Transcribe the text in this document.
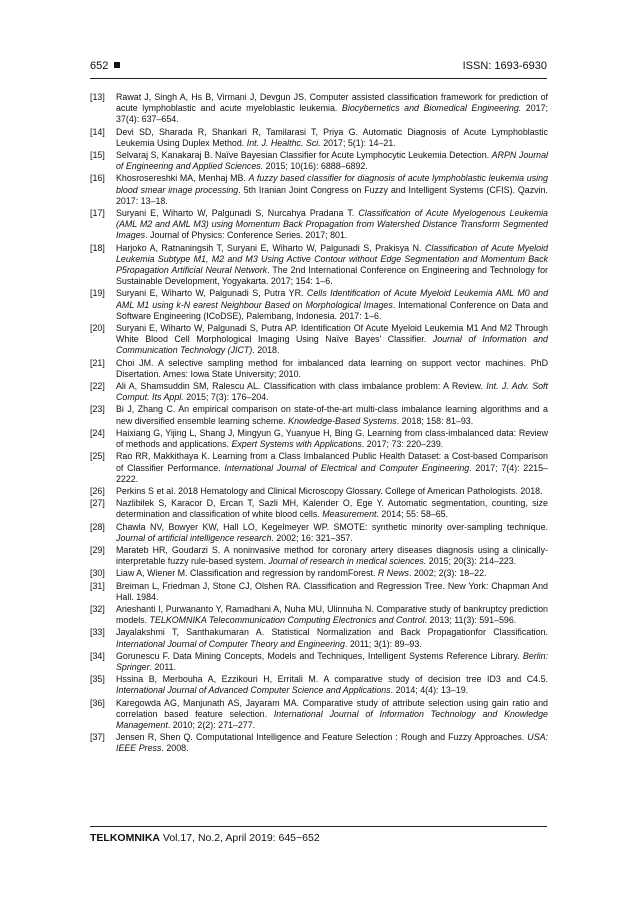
652	ISSN: 1693-6930
[13] Rawat J, Singh A, Hs B, Virmani J, Devgun JS. Computer assisted classification framework for prediction of acute lymphoblastic and acute myeloblastic leukemia. Biocybernetics and Biomedical Engineering. 2017; 37(4): 637–654.
[14] Devi SD, Sharada R, Shankari R, Tamilarasi T, Priya G. Automatic Diagnosis of Acute Lymphoblastic Leukemia Using Duplex Method. Int. J. Healthc. Sci. 2017; 5(1): 14–21.
[15] Selvaraj S, Kanakaraj B. Naïve Bayesian Classifier for Acute Lymphocytic Leukemia Detection. ARPN Journal of Engineering and Applied Sciences. 2015; 10(16): 6888–6892.
[16] Khosrosereshki MA, Menhaj MB. A fuzzy based classifier for diagnosis of acute lymphoblastic leukemia using blood smear image processing. 5th Iranian Joint Congress on Fuzzy and Intelligent Systems (CFIS). Qazvin. 2017: 13–18.
[17] Suryani E, Wiharto W, Palgunadi S, Nurcahya Pradana T. Classification of Acute Myelogenous Leukemia (AML M2 and AML M3) using Momentum Back Propagation from Watershed Distance Transform Segmented Images. Journal of Physics: Conference Series. 2017; 801.
[18] Harjoko A, Ratnaningsih T, Suryani E, Wiharto W, Palgunadi S, Prakisya N. Classification of Acute Myeloid Leukemia Subtype M1, M2 and M3 Using Active Contour without Edge Segmentation and Momentum Back P5ropagation Artificial Neural Network. The 2nd International Conference on Engineering and Technology for Sustainable Development, Yogyakarta. 2017; 154: 1–6.
[19] Suryani E, Wiharto W, Palgunadi S, Putra YR. Cells Identification of Acute Myeloid Leukemia AML M0 and AML M1 using k-N earest Neighbour Based on Morphological Images. International Conference on Data and Software Engineering (ICoDSE), Palembang, Indonesia. 2017: 1–6.
[20] Suryani E, Wiharto W, Palgunadi S, Putra AP. Identification Of Acute Myeloid Leukemia M1 And M2 Through White Blood Cell Morphological Imaging Using Naïve Bayes' Classifier. Journal of Information and Communication Technology (JICT). 2018.
[21] Choi JM. A selective sampling method for imbalanced data learning on support vector machines. PhD Disertation. Ames: Iowa State University; 2010.
[22] Ali A, Shamsuddin SM, Ralescu AL. Classification with class imbalance problem: A Review. Int. J. Adv. Soft Comput. Its Appl. 2015; 7(3): 176–204.
[23] Bi J, Zhang C. An empirical comparison on state-of-the-art multi-class imbalance learning algorithms and a new diversified ensemble learning scheme. Knowledge-Based Systems. 2018; 158: 81–93.
[24] Haixiang G, Yijing L, Shang J, Mingyun G, Yuanyue H, Bing G. Learning from class-imbalanced data: Review of methods and applications. Expert Systems with Applications. 2017; 73: 220–239.
[25] Rao RR, Makkithaya K. Learning from a Class Imbalanced Public Health Dataset: a Cost-based Comparison of Classifier Performance. International Journal of Electrical and Computer Engineering. 2017; 7(4): 2215–2222.
[26] Perkins S et al. 2018 Hematology and Clinical Microscopy Glossary. College of American Pathologists. 2018.
[27] Nazlibilek S, Karacor D, Ercan T, Sazli MH, Kalender O, Ege Y. Automatic segmentation, counting, size determination and classification of white blood cells. Measurement. 2014; 55: 58–65.
[28] Chawla NV, Bowyer KW, Hall LO, Kegelmeyer WP. SMOTE: synthetic minority over-sampling technique. Journal of artificial intelligence research. 2002; 16: 321–357.
[29] Marateb HR, Goudarzi S. A noninvasive method for coronary artery diseases diagnosis using a clinically-interpretable fuzzy rule-based system. Journal of research in medical sciences. 2015; 20(3): 214–223.
[30] Liaw A, Wiener M. Classification and regression by randomForest. R News. 2002; 2(3): 18–22.
[31] Breiman L, Friedman J, Stone CJ, Olshen RA. Classification and Regression Tree. New York: Chapman And Hall. 1984.
[32] Arieshanti I, Purwananto Y, Ramadhani A, Nuha MU, Ulinnuha N. Comparative study of bankruptcy prediction models. TELKOMNIKA Telecommunication Computing Electronics and Control. 2013; 11(3): 591–596.
[33] Jayalakshmi T, Santhakumaran A. Statistical Normalization and Back Propagationfor Classification. International Journal of Computer Theory and Engineering. 2011; 3(1): 89–93.
[34] Gorunescu F. Data Mining Concepts, Models and Techniques, Intelligent Systems Reference Library. Berlin: Springer. 2011.
[35] Hssina B, Merbouha A, Ezzikouri H, Erritali M. A comparative study of decision tree ID3 and C4.5. International Journal of Advanced Computer Science and Applications. 2014; 4(4): 13–19.
[36] Karegowda AG, Manjunath AS, Jayaram MA. Comparative study of attribute selection using gain ratio and correlation based feature selection. International Journal of Information Technology and Knowledge Management. 2010; 2(2): 271–277.
[37] Jensen R, Shen Q. Computational Intelligence and Feature Selection : Rough and Fuzzy Approaches. USA: IEEE Press. 2008.
TELKOMNIKA Vol.17, No.2, April 2019: 645~652
